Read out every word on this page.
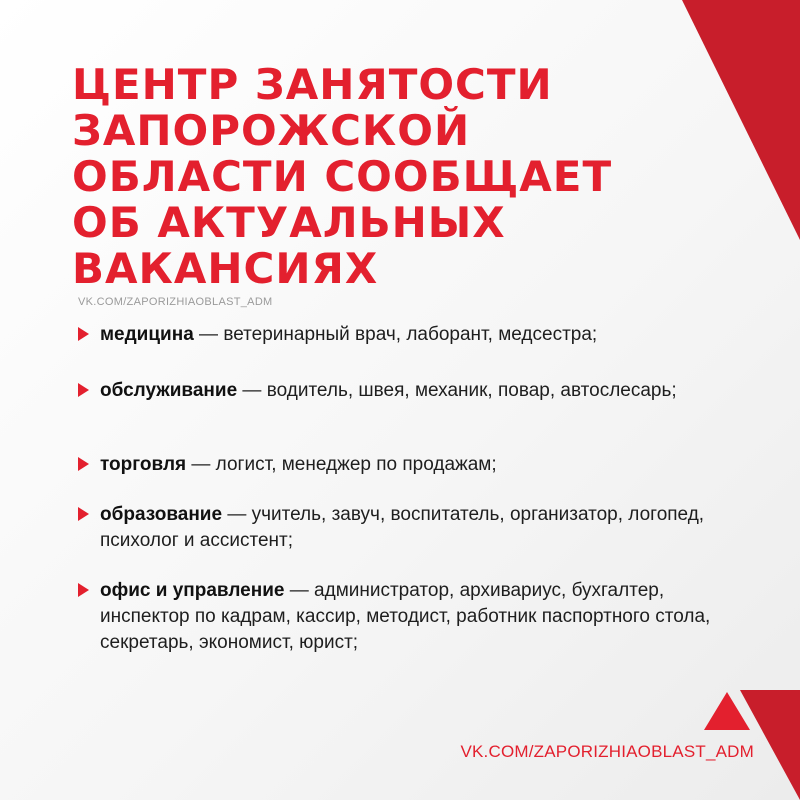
ЦЕНТР ЗАНЯТОСТИ
ЗАПОРОЖСКОЙ
ОБЛАСТИ СООБЩАЕТ
ОБ АКТУАЛЬНЫХ
ВАКАНСИЯХ
VK.COM/ZAPORIZHIAOBLAST_ADM
медицина — ветеринарный врач, лаборант, медсестра;
обслуживание — водитель, швея, механик, повар, автослесарь;
торговля — логист, менеджер по продажам;
образование — учитель, завуч, воспитатель, организатор, логопед, психолог и ассистент;
офис и управление — администратор, архивариус, бухгалтер, инспектор по кадрам, кассир, методист, работник паспортного стола, секретарь, экономист, юрист;
VK.COM/ZAPORIZHIAOBLAST_ADM
